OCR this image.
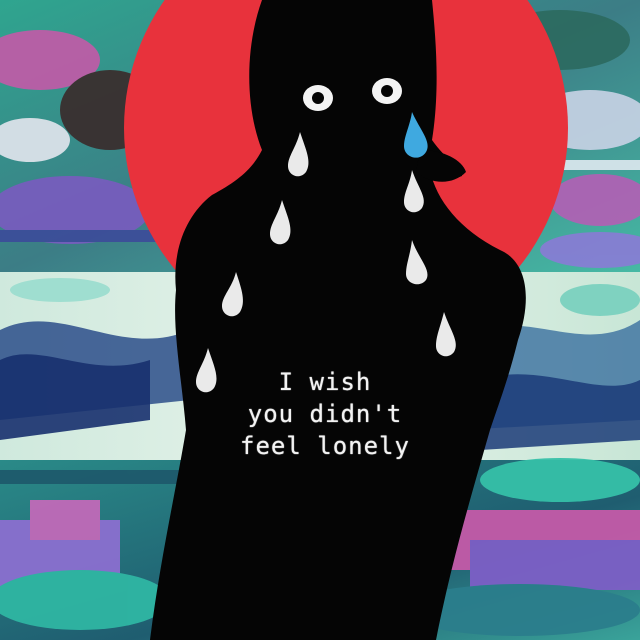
I wish
you didn't
feel lonely
